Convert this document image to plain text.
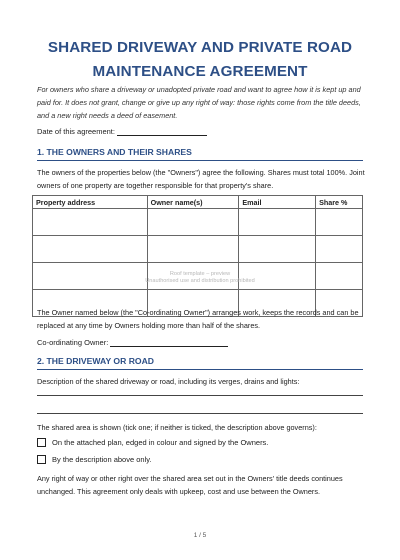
SHARED DRIVEWAY AND PRIVATE ROAD
MAINTENANCE AGREEMENT
For owners who share a driveway or unadopted private road and want to agree how it is kept up and paid for. It does not grant, change or give up any right of way: those rights come from the title deeds, and a new right needs a deed of easement.
Date of this agreement:
1. THE OWNERS AND THEIR SHARES
The owners of the properties below (the "Owners") agree the following. Shares must total 100%. Joint owners of one property are together responsible for that property's share.
Property address	Owner name(s)	Email	Share %

Roof template – preview
Unauthorised use and distribution prohibited
The Owner named below (the "Co-ordinating Owner") arranges work, keeps the records and can be replaced at any time by Owners holding more than half of the shares.
Co-ordinating Owner:
2. THE DRIVEWAY OR ROAD
Description of the shared driveway or road, including its verges, drains and lights:
The shared area is shown (tick one; if neither is ticked, the description above governs):
On the attached plan, edged in colour and signed by the Owners.
By the description above only.
Any right of way or other right over the shared area set out in the Owners' title deeds continues unchanged. This agreement only deals with upkeep, cost and use between the Owners.
1 / 5
